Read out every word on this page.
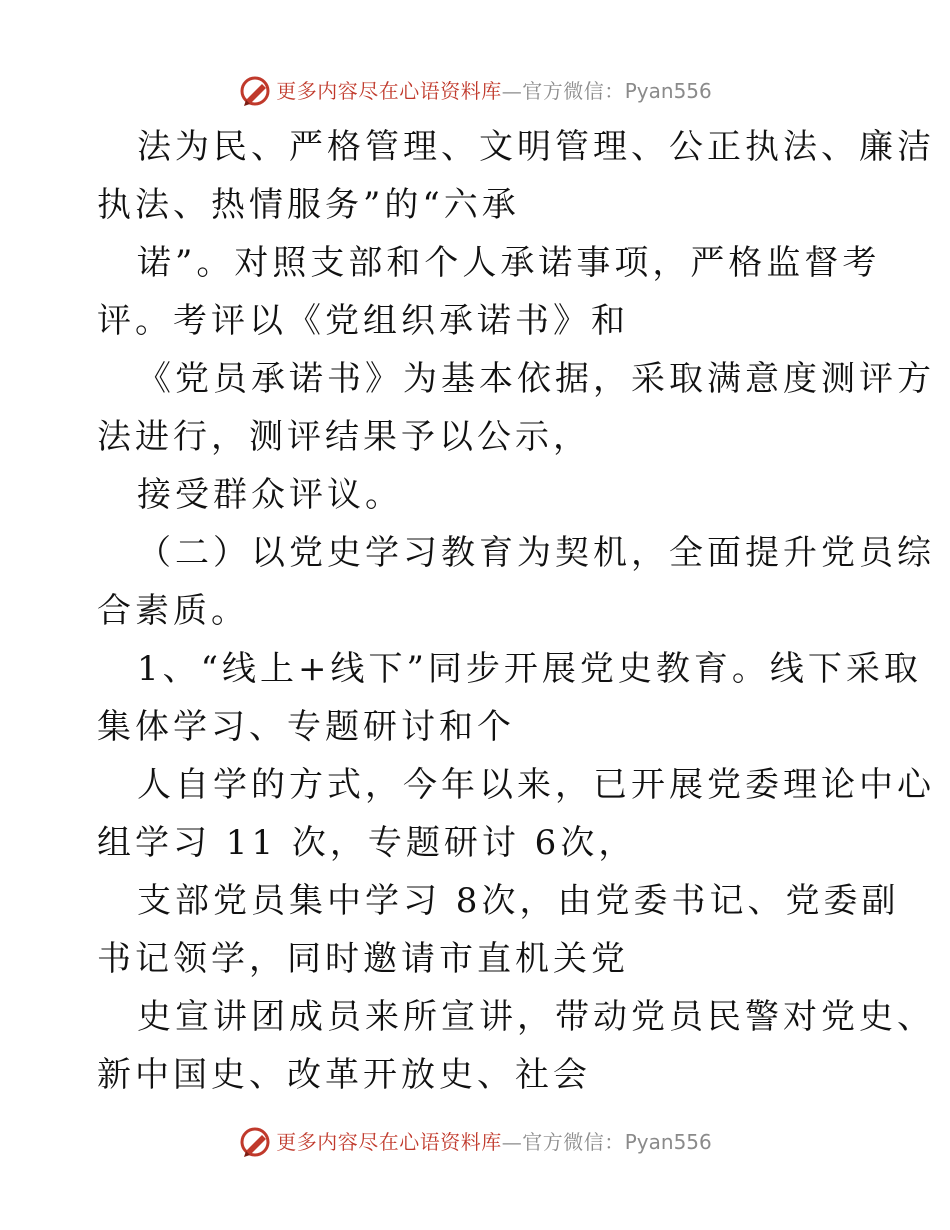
更多内容尽在心语资料库 — 官方微信： Pyan556
法为民、严格管理、文明管理、公正执法、廉洁
执法、热情服务”的“六承
诺”。对照支部和个人承诺事项，严格监督考
评。考评以《党组织承诺书》和
《党员承诺书》为基本依据，采取满意度测评方
法进行，测评结果予以公示，
接受群众评议。
（二）以党史学习教育为契机，全面提升党员综
合素质。
1、“线上+线下”同步开展党史教育。线下采取
集体学习、专题研讨和个
人自学的方式，今年以来，已开展党委理论中心
组学习 11 次，专题研讨 6次，
支部党员集中学习 8次，由党委书记、党委副
书记领学，同时邀请市直机关党
史宣讲团成员来所宣讲，带动党员民警对党史、
新中国史、改革开放史、社会
更多内容尽在心语资料库 — 官方微信： Pyan556
